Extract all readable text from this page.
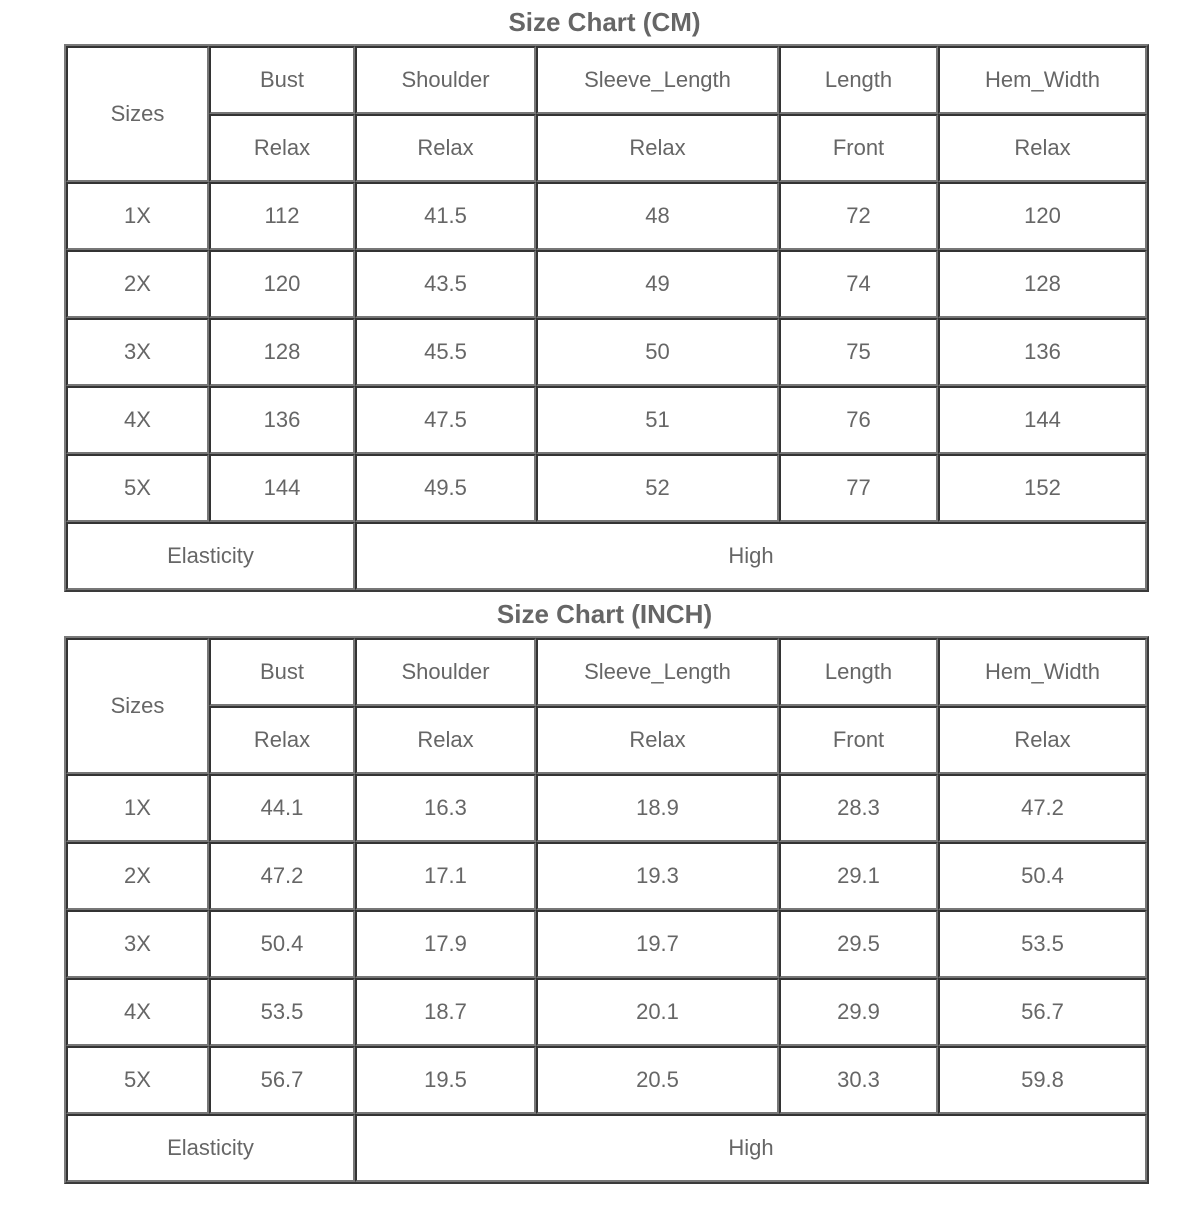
Size Chart (CM)
Sizes	Bust	Shoulder	Sleeve_Length	Length	Hem_Width
	Relax	Relax	Relax	Front	Relax
1X	112	41.5	48	72	120
2X	120	43.5	49	74	128
3X	128	45.5	50	75	136
4X	136	47.5	51	76	144
5X	144	49.5	52	77	152
Elasticity		High			
Size Chart (INCH)
Sizes	Bust	Shoulder	Sleeve_Length	Length	Hem_Width
	Relax	Relax	Relax	Front	Relax
1X	44.1	16.3	18.9	28.3	47.2
2X	47.2	17.1	19.3	29.1	50.4
3X	50.4	17.9	19.7	29.5	53.5
4X	53.5	18.7	20.1	29.9	56.7
5X	56.7	19.5	20.5	30.3	59.8
Elasticity		High			
